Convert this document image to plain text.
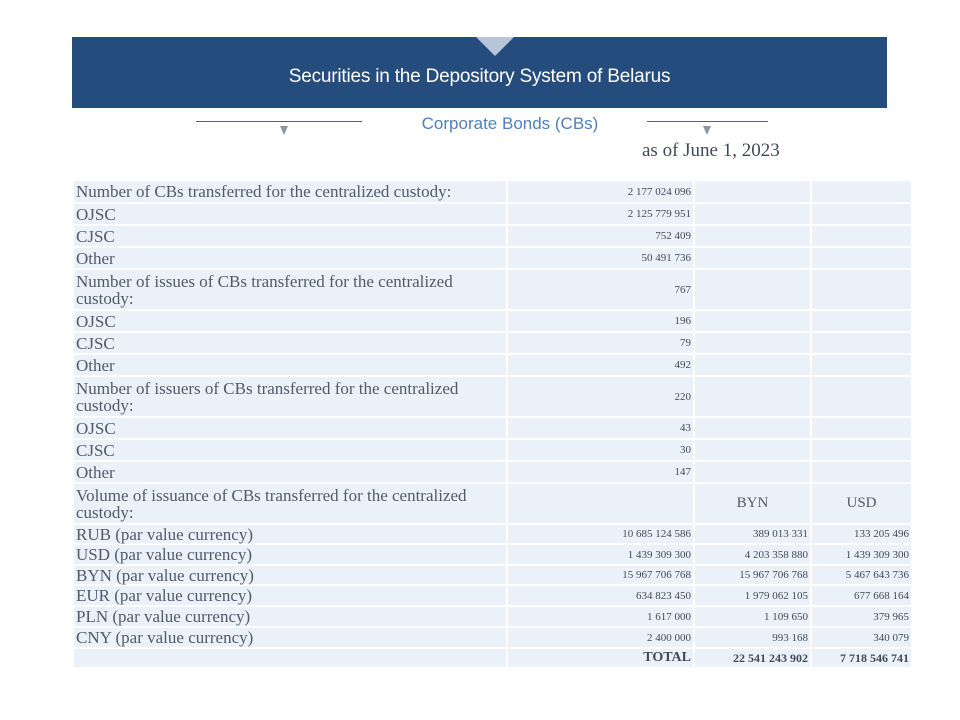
Securities in the Depository System of Belarus
Corporate Bonds (CBs)
as of June 1, 2023
Number of CBs transferred for the centralized custody:	2 177 024 096		
OJSC	2 125 779 951		
CJSC	752 409		
Other	50 491 736		
Number of issues of CBs transferred for the centralized custody:	767		
OJSC	196		
CJSC	79		
Other	492		
Number of issuers of CBs transferred for the centralized custody:	220		
OJSC	43		
CJSC	30		
Other	147		
Volume of issuance of CBs transferred for the centralized custody:		BYN	USD
RUB (par value currency)	10 685 124 586	389 013 331	133 205 496
USD (par value currency)	1 439 309 300	4 203 358 880	1 439 309 300
BYN (par value currency)	15 967 706 768	15 967 706 768	5 467 643 736
EUR (par value currency)	634 823 450	1 979 062 105	677 668 164
PLN (par value currency)	1 617 000	1 109 650	379 965
CNY (par value currency)	2 400 000	993 168	340 079
	TOTAL	22 541 243 902	7 718 546 741
